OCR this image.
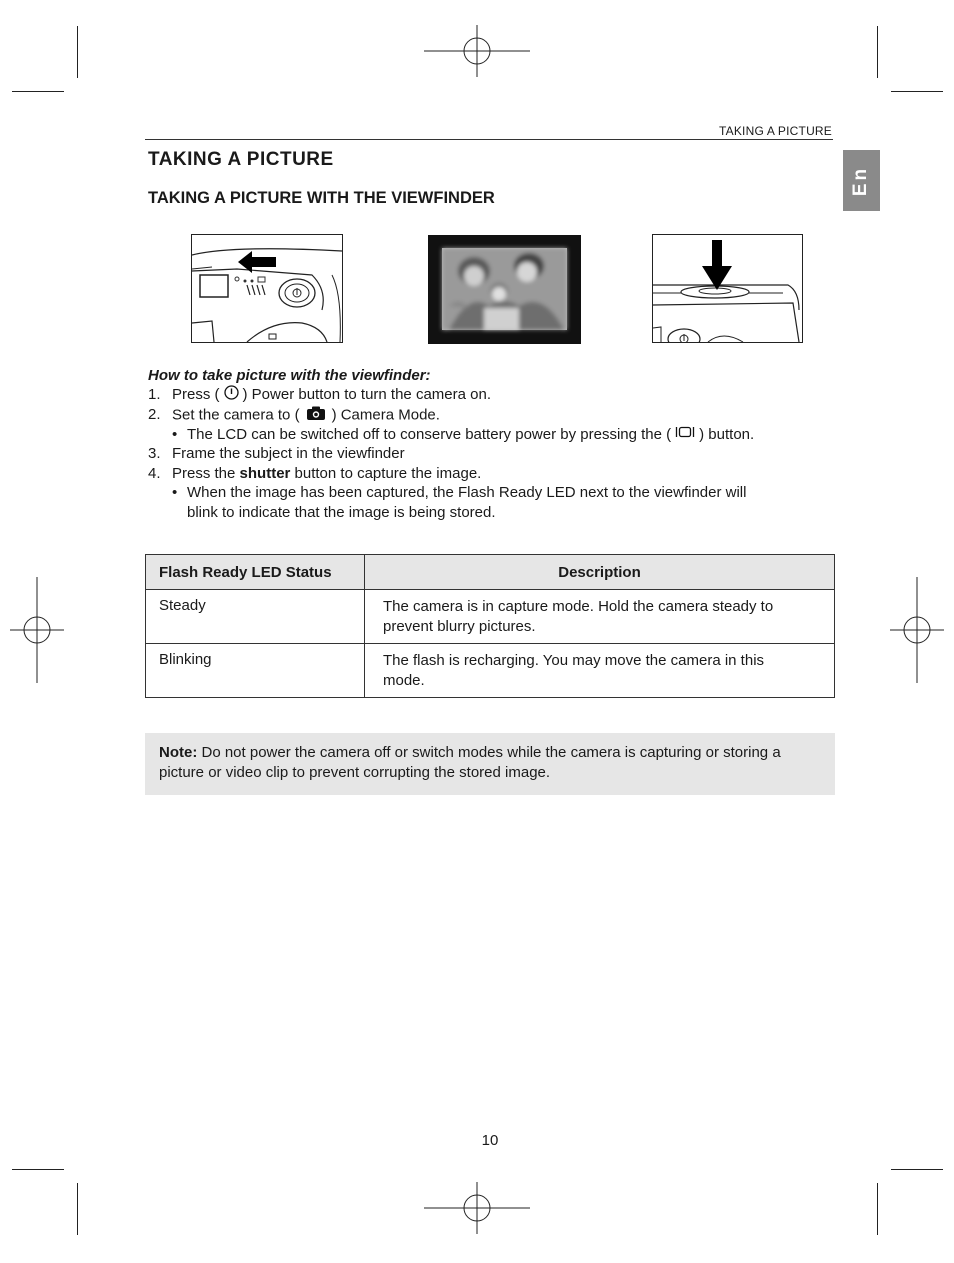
TAKING A PICTURE
En
TAKING A PICTURE
TAKING A PICTURE WITH THE VIEWFINDER
How to take picture with the viewfinder:
1. Press ( ) Power button to turn the camera on.
2. Set the camera to ( ) Camera Mode.
• The LCD can be switched off to conserve battery power by pressing the ( ) button.
3. Frame the subject in the viewfinder
4. Press the shutter button to capture the image.
• When the image has been captured, the Flash Ready LED next to the viewfinder will
blink to indicate that the image is being stored.
Flash Ready LED Status	Description
Steady	The camera is in capture mode. Hold the camera steady to
prevent blurry pictures.
Blinking	The flash is recharging. You may move the camera in this
mode.
Note: Do not power the camera off or switch modes while the camera is capturing or storing a picture or video clip to prevent corrupting the stored image.
10
